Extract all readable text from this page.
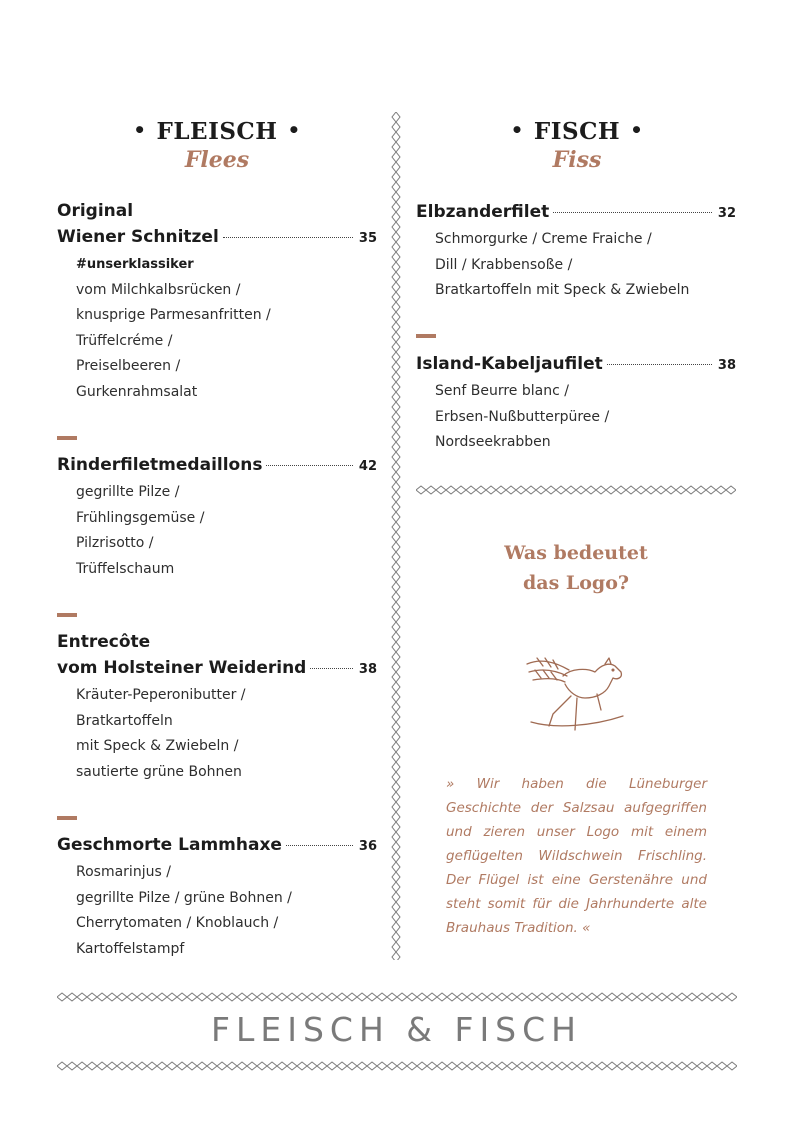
• FLEISCH •
Flees
• FISCH •
Fiss
Original
Wiener Schnitzel	35
#unserklassiker
vom Milchkalbsrücken /
knusprige Parmesanfritten /
Trüffelcréme /
Preiselbeeren /
Gurkenrahmsalat
Rinderfiletmedaillons	42
gegrillte Pilze /
Frühlingsgemüse /
Pilzrisotto /
Trüffelschaum
Entrecôte
vom Holsteiner Weiderind	38
Kräuter-Peperonibutter /
Bratkartoffeln
mit Speck & Zwiebeln /
sautierte grüne Bohnen
Geschmorte Lammhaxe	36
Rosmarinjus /
gegrillte Pilze / grüne Bohnen /
Cherrytomaten / Knoblauch /
Kartoffelstampf
Elbzanderfilet	32
Schmorgurke / Creme Fraiche /
Dill / Krabbensoße /
Bratkartoffeln mit Speck & Zwiebeln
Island-Kabeljaufilet	38
Senf Beurre blanc /
Erbsen-Nußbutterpüree /
Nordseekrabben
Was bedeutet
das Logo?
» Wir haben die Lüneburger Geschichte der Salzsau aufgegriffen und zieren unser Logo mit einem geflügelten Wildschwein Frischling. Der Flügel ist eine Gerstenähre und steht somit für die Jahrhunderte alte Brauhaus Tradition. «
FLEISCH & FISCH
